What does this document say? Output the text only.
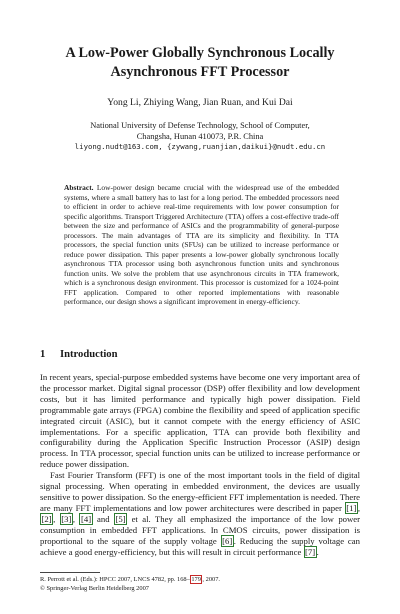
A Low-Power Globally Synchronous Locally
Asynchronous FFT Processor
Yong Li, Zhiying Wang, Jian Ruan, and Kui Dai
National University of Defense Technology, School of Computer,
Changsha, Hunan 410073, P.R. China
liyong.nudt@163.com, {zywang,ruanjian,daikui}@nudt.edu.cn
Abstract. Low-power design became crucial with the widespread use of the embedded systems, where a small battery has to last for a long period. The embedded processors need to efficient in order to achieve real-time requirements with low power consumption for specific algorithms. Transport Triggered Architecture (TTA) offers a cost-effective trade-off between the size and performance of ASICs and the programmability of general-purpose processors. The main advantages of TTA are its simplicity and flexibility. In TTA processors, the special function units (SFUs) can be utilized to increase performance or reduce power dissipation. This paper presents a low-power globally synchronous locally asynchronous TTA processor using both asynchronous function units and synchronous function units. We solve the problem that use asynchronous circuits in TTA framework, which is a synchronous design environment. This processor is customized for a 1024-point FFT application. Compared to other reported implementations with reasonable performance, our design shows a significant improvement in energy-efficiency.
1 Introduction

In recent years, special-purpose embedded systems have become one very important area of the processor market. Digital signal processor (DSP) offer flexibility and low development costs, but it has limited performance and typically high power dissipation. Field programmable gate arrays (FPGA) combine the flexibility and speed of application specific integrated circuit (ASIC), but it cannot compete with the energy efficiency of ASIC implementations. For a specific application, TTA can provide both flexibility and configurability during the Application Specific Instruction Processor (ASIP) design process. In TTA processor, special function units can be utilized to increase performance or reduce power dissipation.

Fast Fourier Transform (FFT) is one of the most important tools in the field of digital signal processing. When operating in embedded environment, the devices are usually sensitive to power dissipation. So the energy-efficient FFT implementation is needed. There are many FFT implementations and low power architectures were described in paper [1] , [2] , [3] , [4] and [5] et al. They all emphasized the importance of the low power consumption in embedded FFT applications. In CMOS circuits, power dissipation is proportional to the square of the supply voltage [6] . Reducing the supply voltage can achieve a good energy-efficiency, but this will result in circuit performance [7] .

R. Perrott et al. (Eds.): HPCC 2007, LNCS 4782, pp. 168– 179 , 2007.
© Springer-Verlag Berlin Heidelberg 2007
